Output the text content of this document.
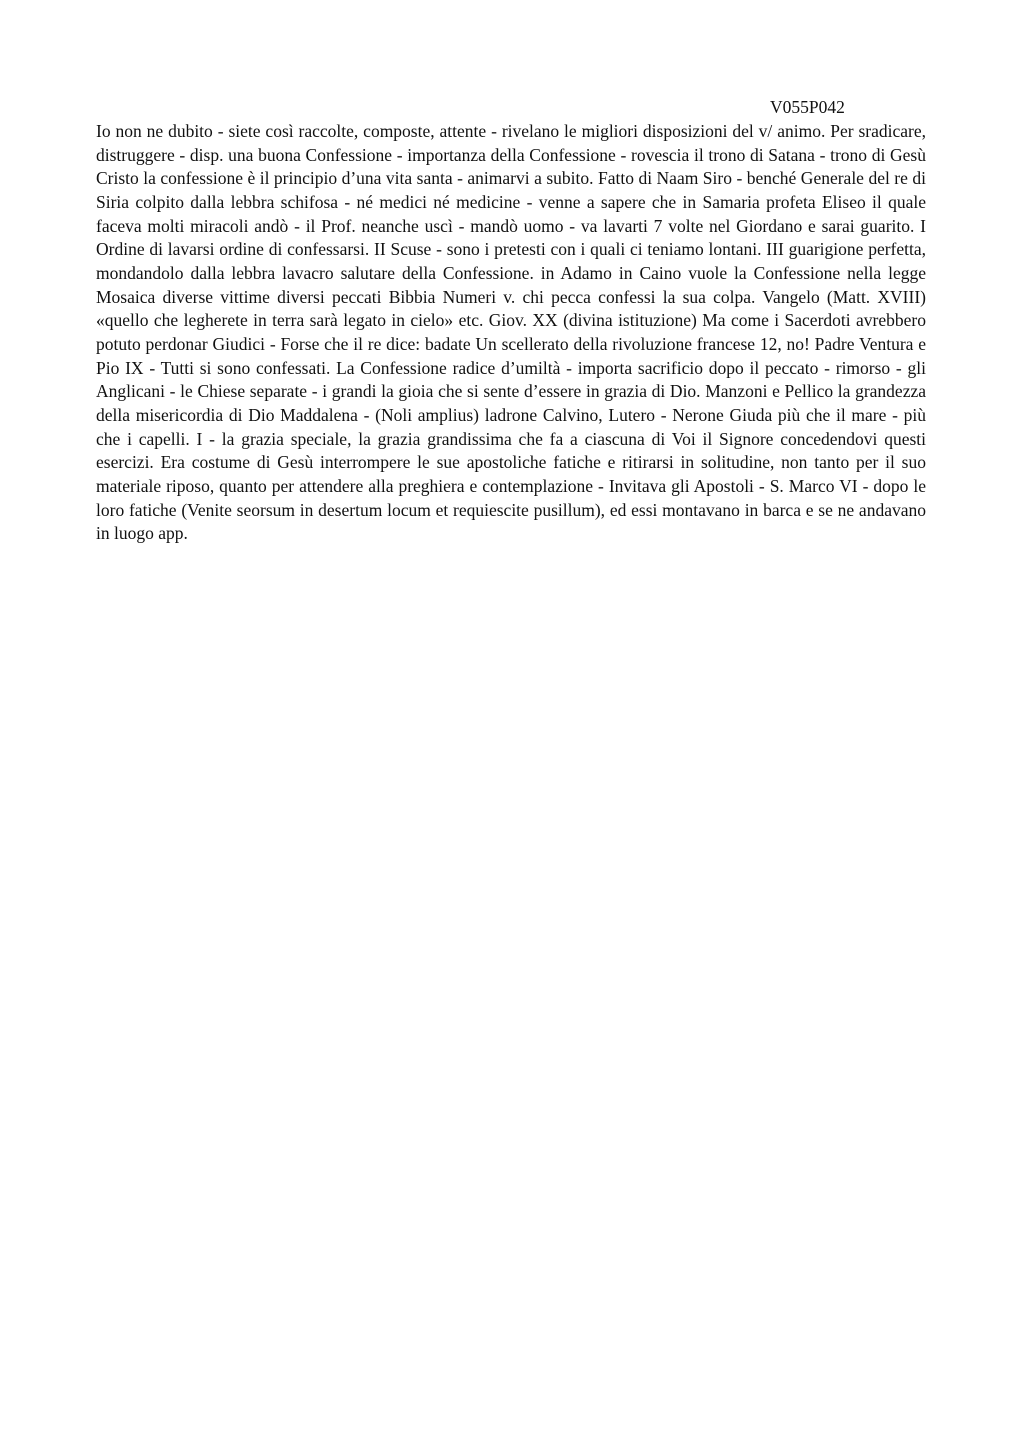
V055P042

Io non ne dubito - siete così raccolte, composte, attente - rivelano le migliori disposizioni del v/ animo. Per sradicare, distruggere - disp. una buona Confessione - importanza della Confessione - rovescia il trono di Satana - trono di Gesù Cristo la confessione è il principio d’una vita santa - animarvi a subito. Fatto di Naam Siro - benché Generale del re di Siria colpito dalla lebbra schifosa - né medici né medicine - venne a sapere che in Samaria profeta Eliseo il quale faceva molti miracoli andò - il Prof. neanche uscì - mandò uomo - va lavarti 7 volte nel Giordano e sarai guarito. I Ordine di lavarsi ordine di confessarsi. II Scuse - sono i pretesti con i quali ci teniamo lontani. III guarigione perfetta, mondandolo dalla lebbra lavacro salutare della Confessione. in Adamo in Caino vuole la Confessione nella legge Mosaica diverse vittime diversi peccati Bibbia Numeri v. chi pecca confessi la sua colpa. Vangelo (Matt. XVIII) «quello che legherete in terra sarà legato in cielo» etc. Giov. XX (divina istituzione) Ma come i Sacerdoti avrebbero potuto perdonar Giudici - Forse che il re dice: badate Un scellerato della rivoluzione francese 12, no! Padre Ventura e Pio IX - Tutti si sono confessati. La Confessione radice d’umiltà - importa sacrificio dopo il peccato - rimorso - gli Anglicani - le Chiese separate - i grandi la gioia che si sente d’essere in grazia di Dio. Manzoni e Pellico la grandezza della misericordia di Dio Maddalena - (Noli amplius) ladrone Calvino, Lutero - Nerone Giuda più che il mare - più che i capelli. I - la grazia speciale, la grazia grandissima che fa a ciascuna di Voi il Signore concedendovi questi esercizi. Era costume di Gesù interrompere le sue apostoliche fatiche e ritirarsi in solitudine, non tanto per il suo materiale riposo, quanto per attendere alla preghiera e contemplazione - Invitava gli Apostoli - S. Marco VI - dopo le loro fatiche (Venite seorsum in desertum locum et requiescite pusillum), ed essi montavano in barca e se ne andavano in luogo app.
